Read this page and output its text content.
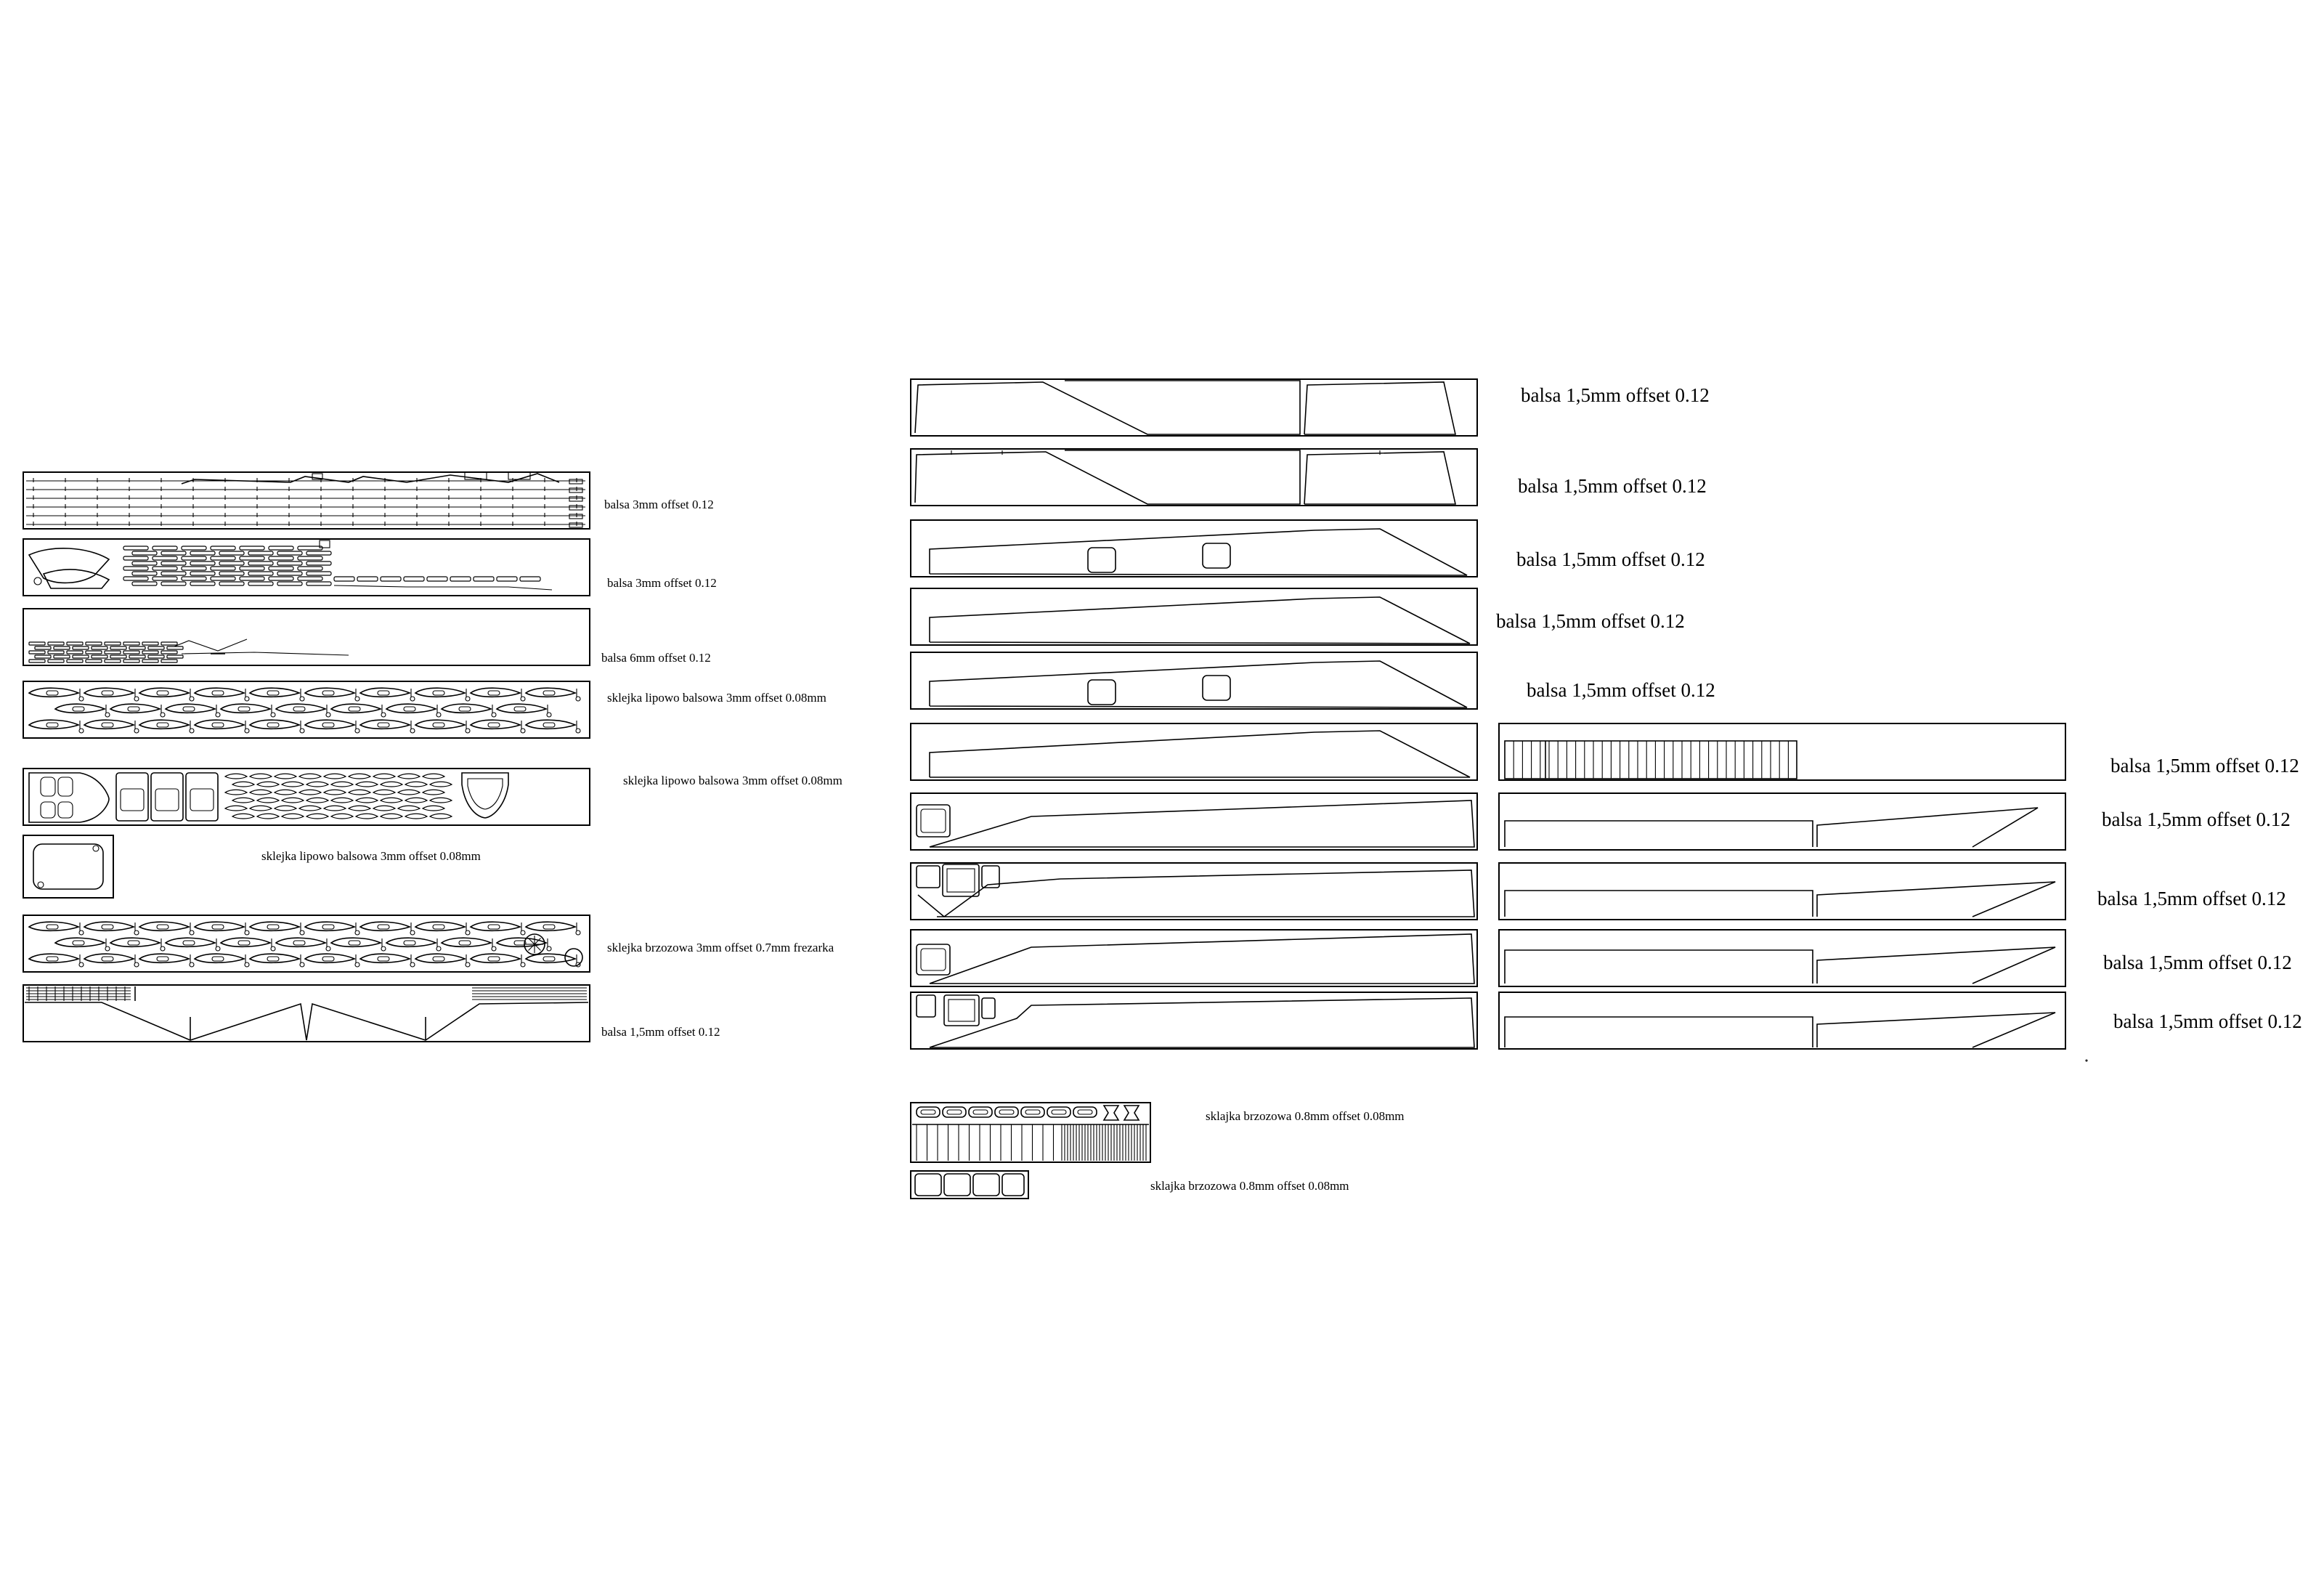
balsa 3mm offset 0.12
balsa 3mm offset 0.12
balsa 6mm offset 0.12
sklejka lipowo balsowa 3mm offset 0.08mm
sklejka lipowo balsowa 3mm offset 0.08mm
sklejka lipowo balsowa 3mm offset 0.08mm
sklejka brzozowa 3mm offset 0.7mm frezarka
balsa 1,5mm offset 0.12
balsa 1,5mm offset 0.12
balsa 1,5mm offset 0.12
balsa 1,5mm offset 0.12
balsa 1,5mm offset 0.12
balsa 1,5mm offset 0.12
balsa 1,5mm offset 0.12
balsa 1,5mm offset 0.12
balsa 1,5mm offset 0.12
balsa 1,5mm offset 0.12
balsa 1,5mm offset 0.12
sklajka brzozowa 0.8mm offset 0.08mm
sklajka brzozowa 0.8mm offset 0.08mm
